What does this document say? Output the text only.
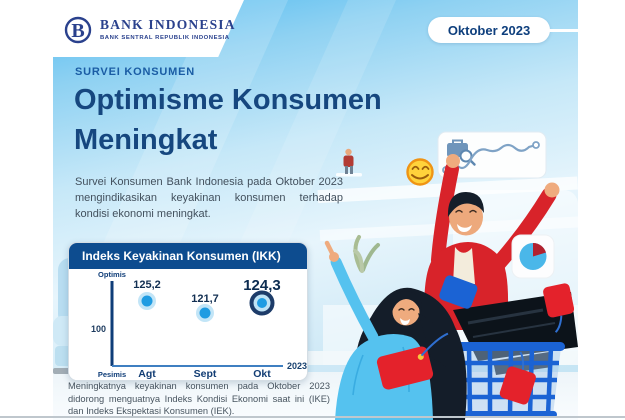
SURVEI KONSUMEN
Optimisme Konsumen
Meningkat
Survei Konsumen Bank Indonesia pada Oktober 2023 mengindikasikan keyakinan konsumen terhadap kondisi ekonomi meningkat.
Indeks Keyakinan Konsumen (IKK)
Optimis
Pesimis
100
2023
125,2
121,7
124,3
Agt	Sept	Okt
Meningkatnya keyakinan konsumen pada Oktober 2023 didorong menguatnya Indeks Kondisi Ekonomi saat ini (IKE) dan Indeks Ekspektasi Konsumen (IEK).
B BANK INDONESIA
BANK SENTRAL REPUBLIK INDONESIA
Oktober 2023
